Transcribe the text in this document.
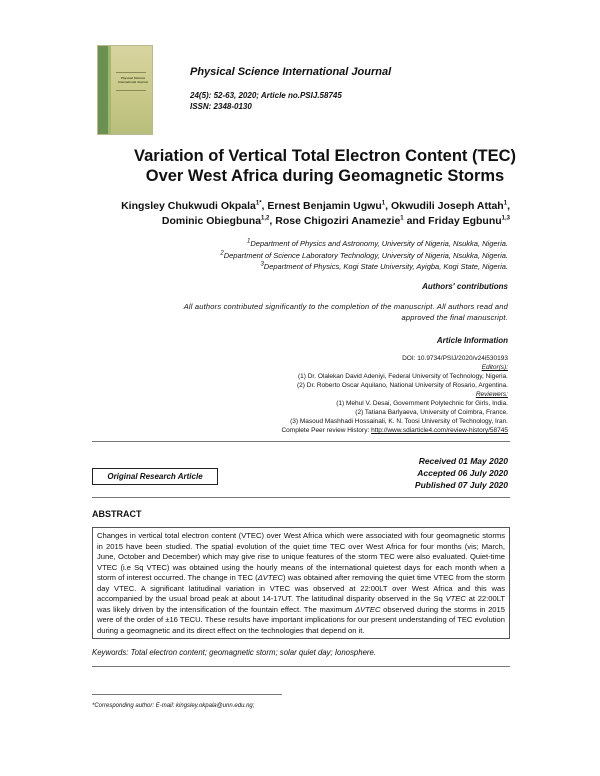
Physical Science International Journal
Physical Science International Journal
24(5): 52-63, 2020; Article no.PSIJ.58745
ISSN: 2348-0130
Variation of Vertical Total Electron Content (TEC)
Over West Africa during Geomagnetic Storms
Kingsley Chukwudi Okpala$^{1*}$, Ernest Benjamin Ugwu$^1$, Okwudili Joseph Attah$^1$,
Dominic Obiegbuna$^{1,2}$, Rose Chigoziri Anamezie$^1$ and Friday Egbunu$^{1,3}$
$^1$Department of Physics and Astronomy, University of Nigeria, Nsukka, Nigeria.
$^2$Department of Science Laboratory Technology, University of Nigeria, Nsukka, Nigeria.
$^3$Department of Physics, Kogi State University, Ayigba, Kogi State, Nigeria.
Authors' contributions
All authors contributed significantly to the completion of the manuscript. All authors read and
approved the final manuscript.
Article Information
DOI: 10.9734/PSIJ/2020/v24i530193
Editor(s):
(1) Dr. Olalekan David Adeniyi, Federal University of Technology, Nigeria.
(2) Dr. Roberto Oscar Aquilano, National University of Rosario, Argentina.
Reviewers:
(1) Mehul V. Desai, Government Polytechnic for Girls, India.
(2) Tatiana Barlyaeva, University of Coimbra, France.
(3) Masoud Mashhadi Hossainali, K. N. Toosi University of Technology, Iran.
Complete Peer review History: http://www.sdiarticle4.com/review-history/58745
Received 01 May 2020
Accepted 06 July 2020
Published 07 July 2020
Original Research Article
ABSTRACT
Changes in vertical total electron content (VTEC) over West Africa which were associated with four geomagnetic storms in 2015 have been studied. The spatial evolution of the quiet time TEC over West Africa for four months (vis; March, June, October and December) which may give rise to unique features of the storm TEC were also evaluated. Quiet-time VTEC (i.e Sq VTEC) was obtained using the hourly means of the international quietest days for each month when a storm of interest occurred. The change in TEC (ΔVTEC) was obtained after removing the quiet time VTEC from the storm day VTEC. A significant latitudinal variation in VTEC was observed at 22:00LT over West Africa and this was accompanied by the usual broad peak at about 14-17UT. The latitudinal disparity observed in the Sq VTEC at 22:00LT was likely driven by the intensification of the fountain effect. The maximum ΔVTEC observed during the storms in 2015 were of the order of ±16 TECU. These results have important implications for our present understanding of TEC evolution during a geomagnetic and its direct effect on the technologies that depend on it.
Keywords: Total electron content; geomagnetic storm; solar quiet day; Ionosphere.
*Corresponding author: E-mail: kingsley.okpala@unn.edu.ng;
